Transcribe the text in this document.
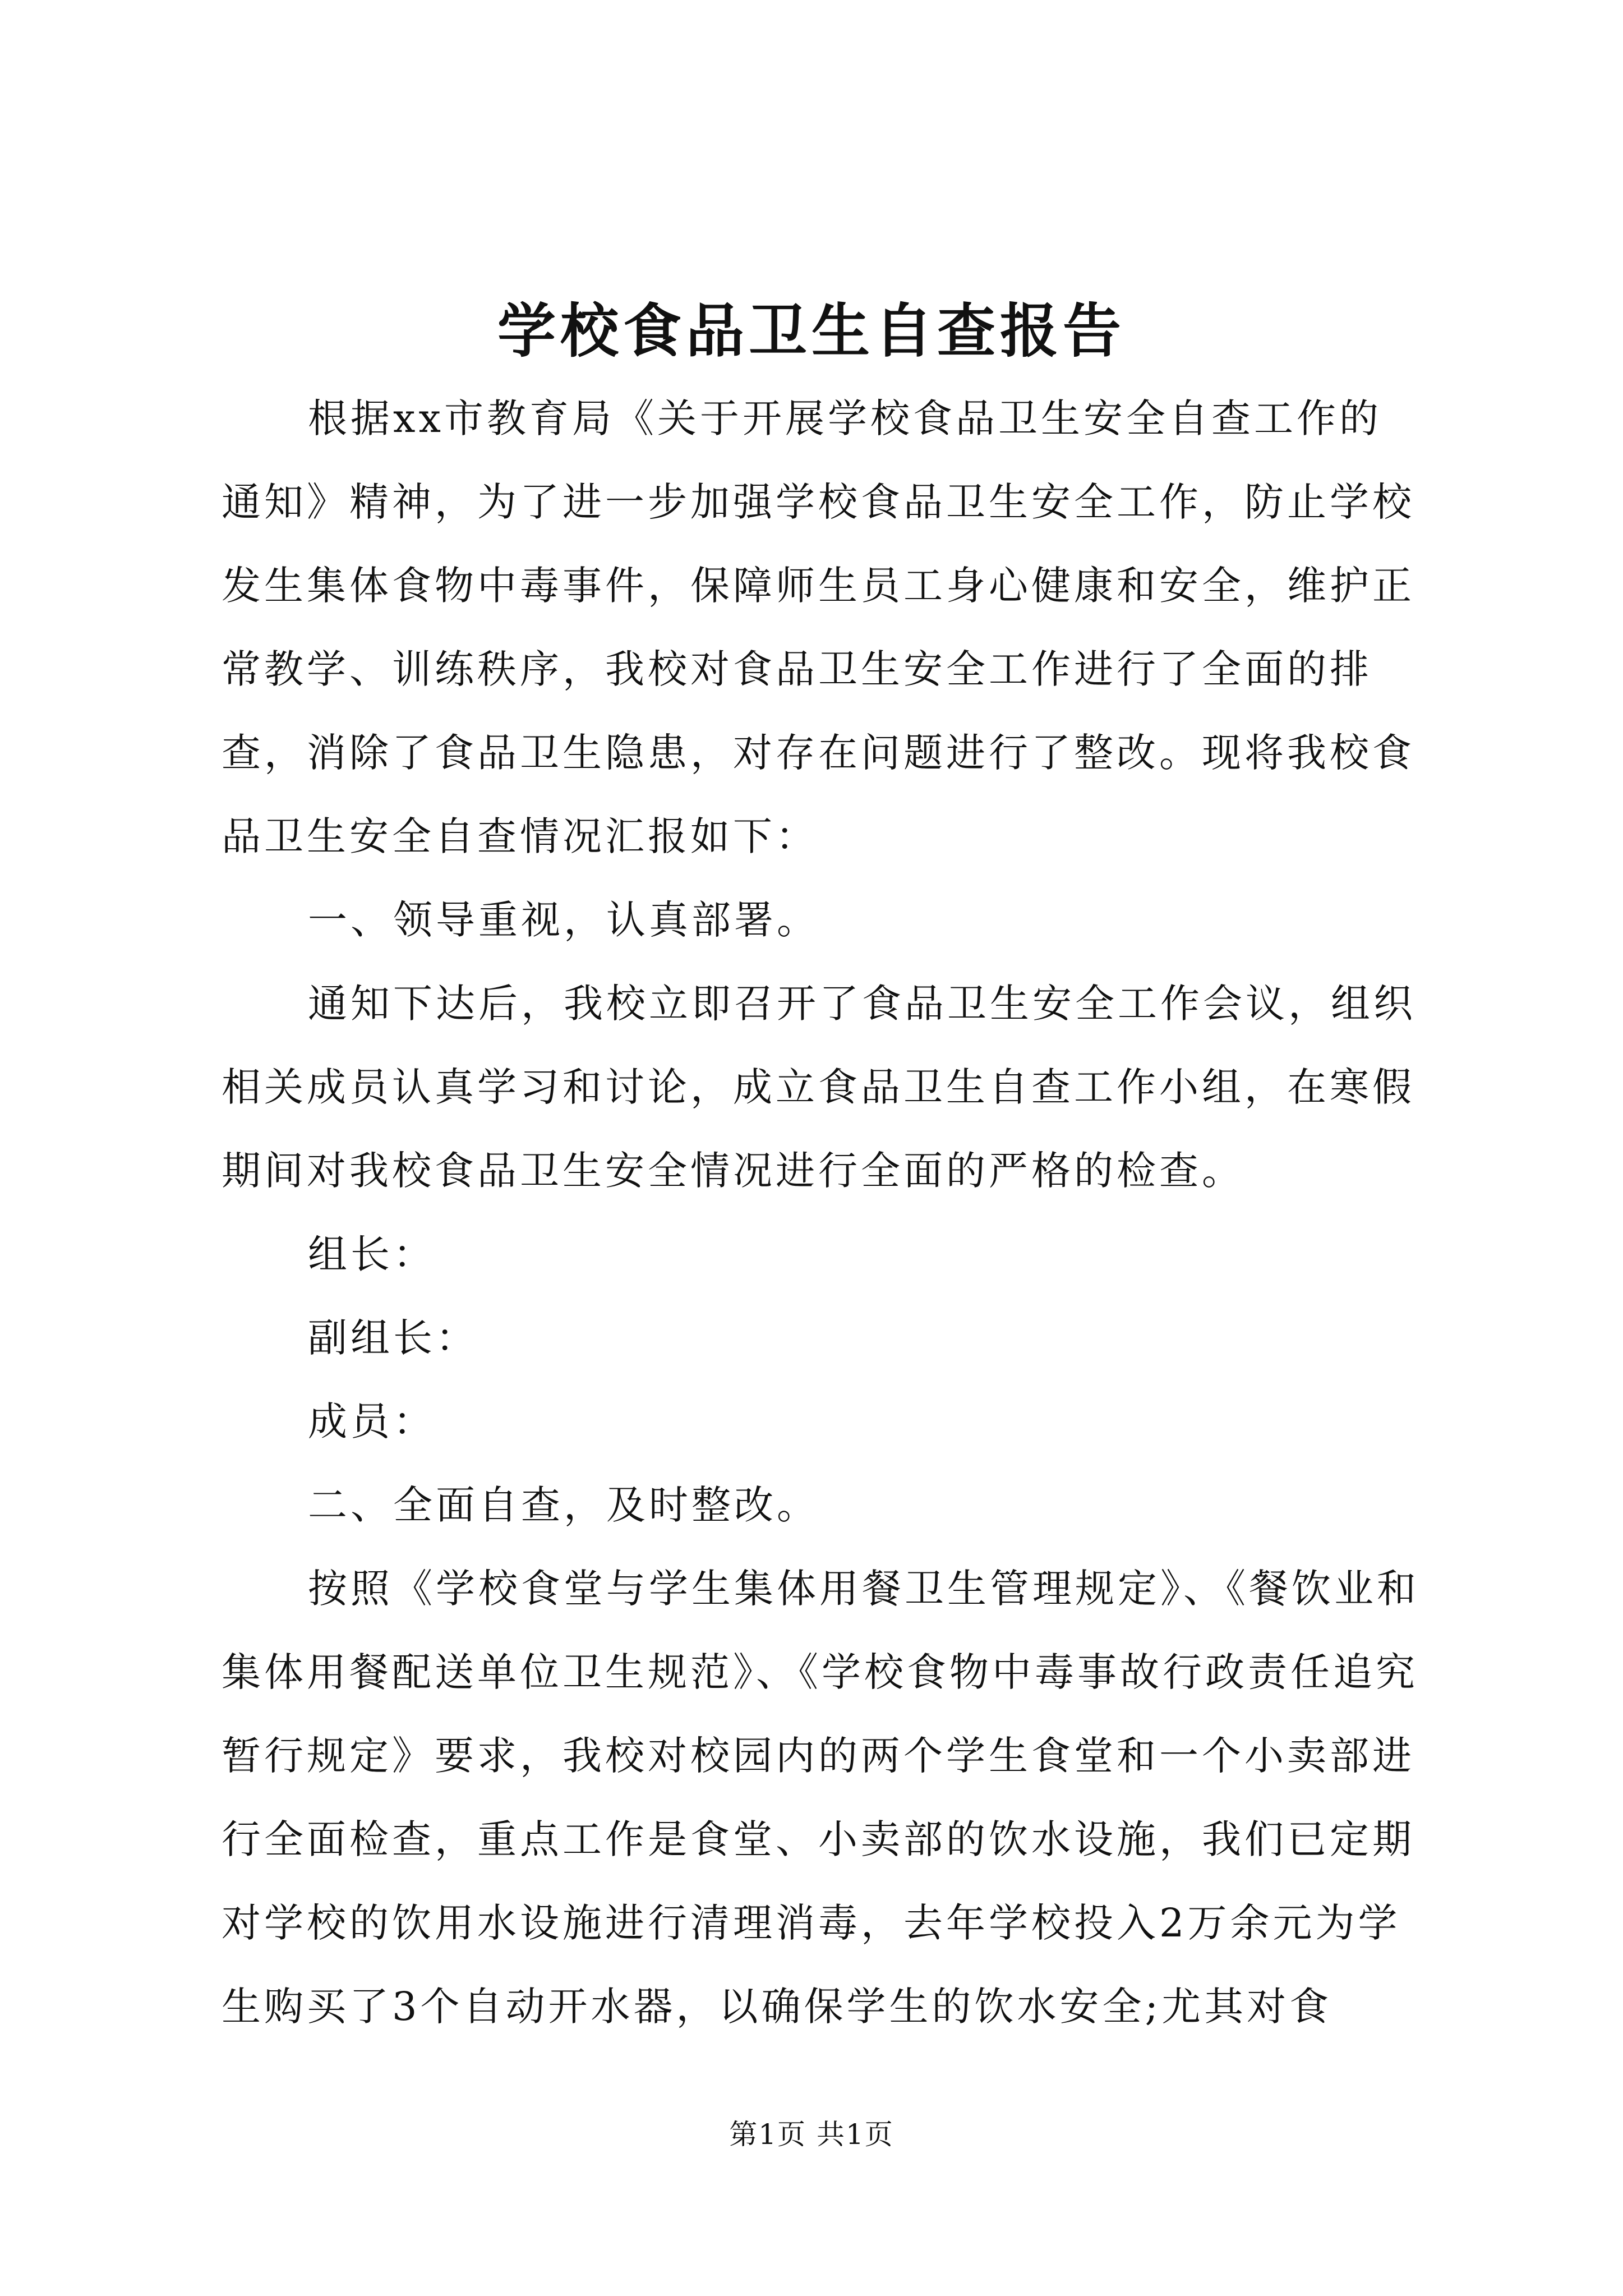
学校食品卫生自查报告

根据xx市教育局《关于开展学校食品卫生安全自查工作的通知》精神，为了进一步加强学校食品卫生安全工作，防止学校发生集体食物中毒事件，保障师生员工身心健康和安全，维护正常教学、训练秩序，我校对食品卫生安全工作进行了全面的排查，消除了食品卫生隐患，对存在问题进行了整改。现将我校食品卫生安全自查情况汇报如下：

一、领导重视，认真部署。

通知下达后，我校立即召开了食品卫生安全工作会议，组织相关成员认真学习和讨论，成立食品卫生自查工作小组，在寒假期间对我校食品卫生安全情况进行全面的严格的检查。

组长：

副组长：

成员：

二、全面自查，及时整改。

按照《学校食堂与学生集体用餐卫生管理规定》、《餐饮业和集体用餐配送单位卫生规范》、《学校食物中毒事故行政责任追究暂行规定》要求，我校对校园内的两个学生食堂和一个小卖部进行全面检查，重点工作是食堂、小卖部的饮水设施，我们已定期对学校的饮用水设施进行清理消毒，去年学校投入2万余元为学生购买了3个自动开水器，以确保学生的饮水安全;尤其对食

第1页 共1页
